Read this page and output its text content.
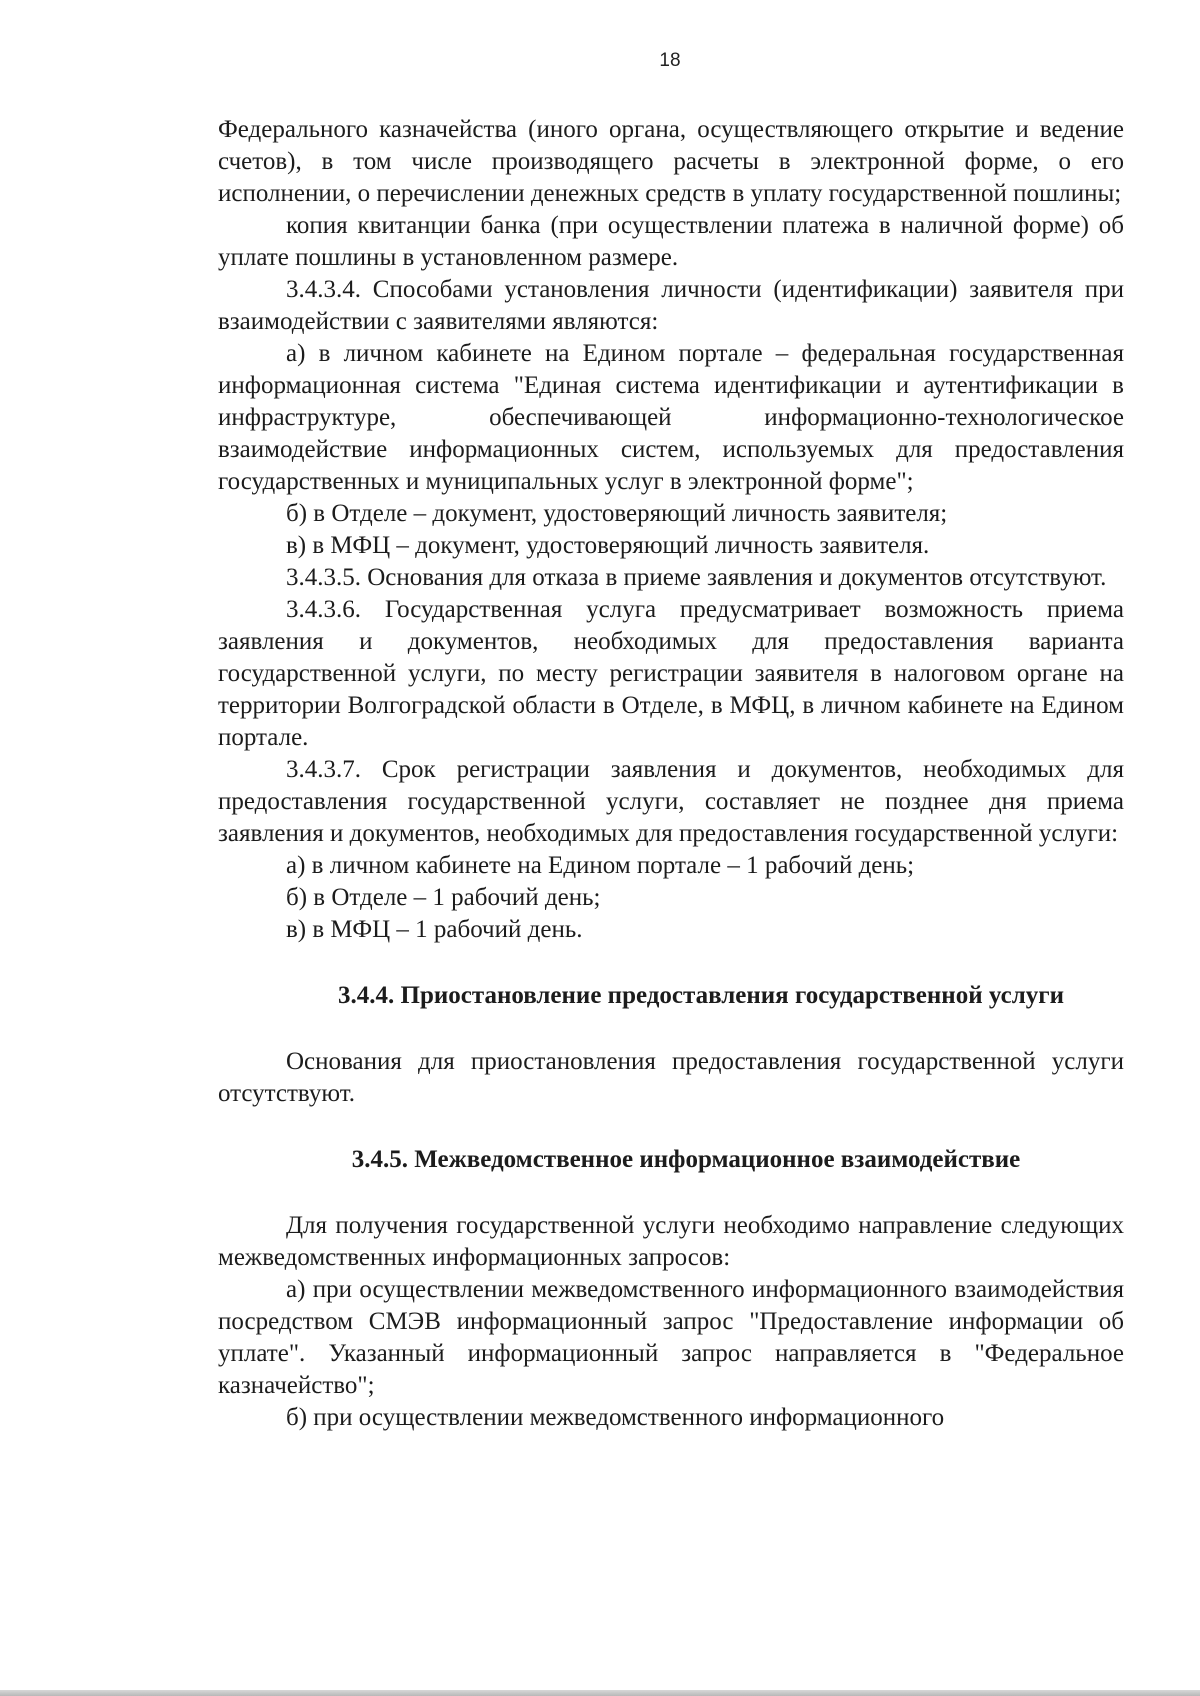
18

Федерального казначейства (иного органа, осуществляющего открытие и ведение счетов), в том числе производящего расчеты в электронной форме, о его исполнении, о перечислении денежных средств в уплату государственной пошлины;

копия квитанции банка (при осуществлении платежа в наличной форме) об уплате пошлины в установленном размере.

3.4.3.4. Способами установления личности (идентификации) заявителя при взаимодействии с заявителями являются:

а) в личном кабинете на Едином портале – федеральная государственная информационная система "Единая система идентификации и аутентификации в инфраструктуре, обеспечивающей информационно-технологическое взаимодействие информационных систем, используемых для предоставления государственных и муниципальных услуг в электронной форме";

б) в Отделе – документ, удостоверяющий личность заявителя;

в) в МФЦ – документ, удостоверяющий личность заявителя.

3.4.3.5. Основания для отказа в приеме заявления и документов отсутствуют.

3.4.3.6. Государственная услуга предусматривает возможность приема заявления и документов, необходимых для предоставления варианта государственной услуги, по месту регистрации заявителя в налоговом органе на территории Волгоградской области в Отделе, в МФЦ, в личном кабинете на Едином портале.

3.4.3.7. Срок регистрации заявления и документов, необходимых для предоставления государственной услуги, составляет не позднее дня приема заявления и документов, необходимых для предоставления государственной услуги:

а) в личном кабинете на Едином портале – 1 рабочий день;

б) в Отделе – 1 рабочий день;

в) в МФЦ – 1 рабочий день.

3.4.4. Приостановление предоставления государственной услуги

Основания для приостановления предоставления государственной услуги отсутствуют.

3.4.5. Межведомственное информационное взаимодействие

Для получения государственной услуги необходимо направление следующих межведомственных информационных запросов:

а) при осуществлении межведомственного информационного взаимодействия посредством СМЭВ информационный запрос "Предоставление информации об уплате". Указанный информационный запрос направляется в "Федеральное казначейство";

б) при осуществлении межведомственного информационного
